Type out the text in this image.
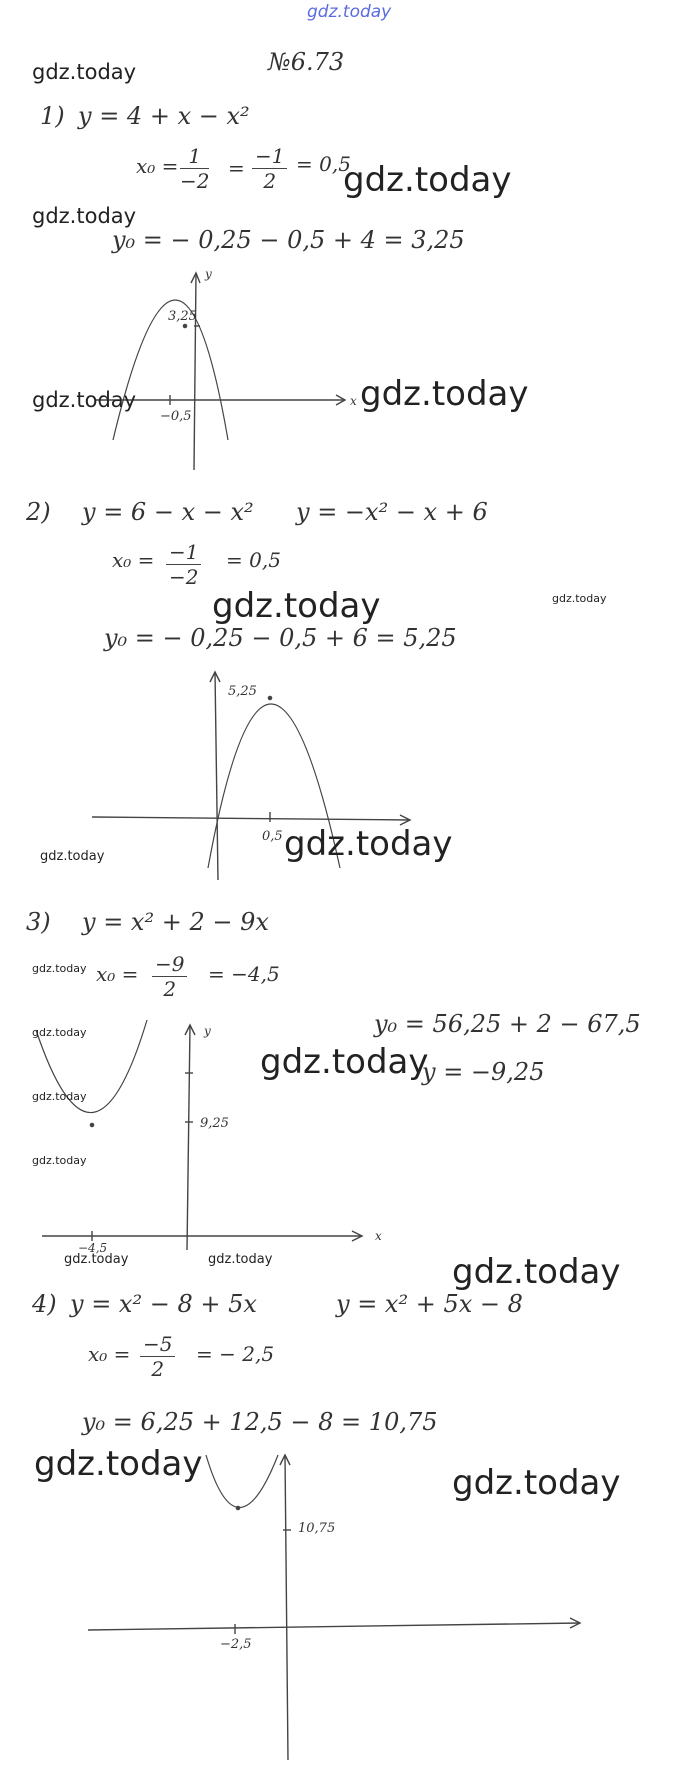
y
x
3,25
−0,5
5,25
0,5
y
x
9,25
−4,5
10,75
−2,5
gdz.today
gdz.today
gdz.today
gdz.today
gdz.today	gdz.today
gdz.today	gdz.today
gdz.today
gdz.today
gdz.today
gdz.today
gdz.today
gdz.today
gdz.today
gdz.today	gdz.today	gdz.today
gdz.today	gdz.today
№6.73
1) y = 4 + x − x²
$x_0 = \frac{1}{-2} = \frac{-1}{2} = 0,5$
y₀ = − 0,25 − 0,5 + 4 = 3,25
2) y = 6 − x − x² y = −x² − x + 6
$x_0 = \frac{-1}{-2} = 0,5$
y₀ = − 0,25 − 0,5 + 6 = 5,25
3) y = x² + 2 − 9x
$x_0 = \frac{-9}{2} = -4,5$
y₀ = 56,25 + 2 − 67,5
y = −9,25
4) y = x² − 8 + 5x	y = x² + 5x − 8
$x_0 = \frac{-5}{2}$ = − 2,5
y₀ = 6,25 + 12,5 − 8 = 10,75
